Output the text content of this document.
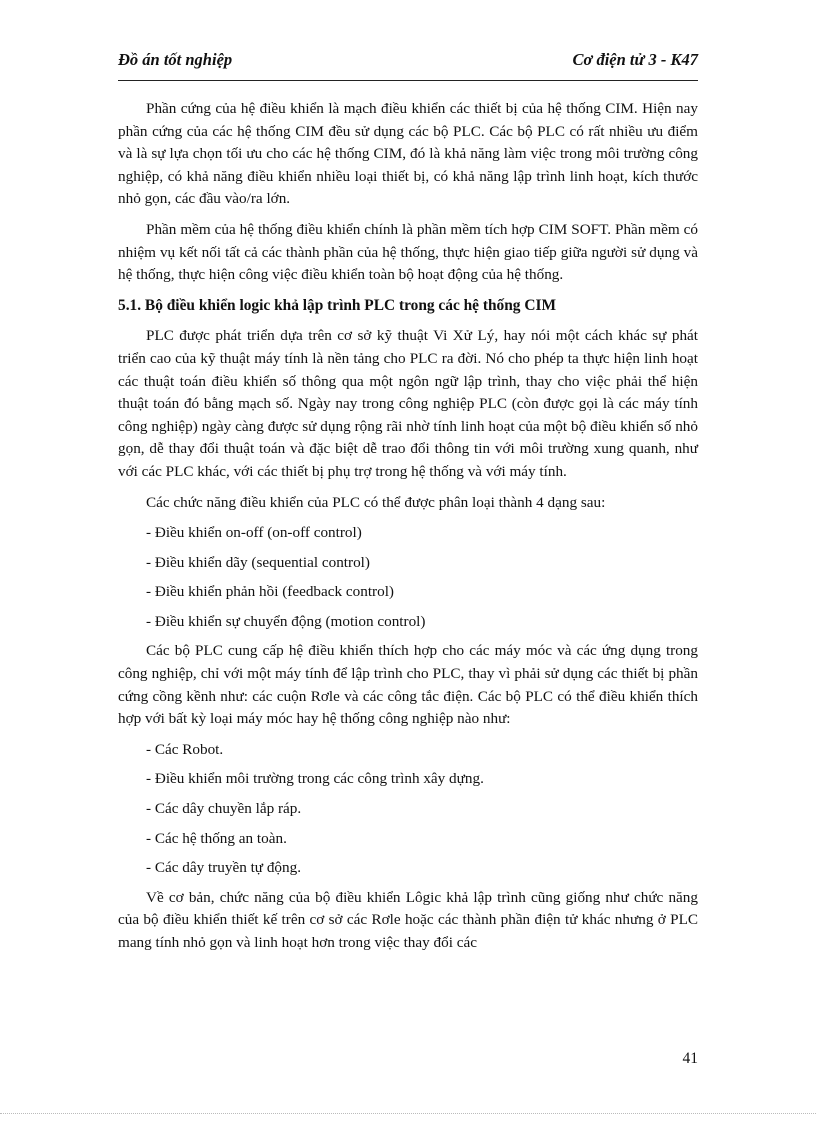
Đồ án tốt nghiệp	Cơ điện tử 3 - K47

Phần cứng của hệ điều khiển là mạch điều khiển các thiết bị của hệ thống CIM. Hiện nay phần cứng của các hệ thống CIM đều sử dụng các bộ PLC. Các bộ PLC có rất nhiều ưu điểm và là sự lựa chọn tối ưu cho các hệ thống CIM, đó là khả năng làm việc trong môi trường công nghiệp, có khả năng điều khiển nhiều loại thiết bị, có khả năng lập trình linh hoạt, kích thước nhỏ gọn, các đầu vào/ra lớn.

Phần mềm của hệ thống điều khiển chính là phần mềm tích hợp CIM SOFT. Phần mềm có nhiệm vụ kết nối tất cả các thành phần của hệ thống, thực hiện giao tiếp giữa người sử dụng và hệ thống, thực hiện công việc điều khiển toàn bộ hoạt động của hệ thống.

5.1. Bộ điều khiển logic khả lập trình PLC trong các hệ thống CIM

PLC được phát triển dựa trên cơ sở kỹ thuật Vi Xử Lý, hay nói một cách khác sự phát triển cao của kỹ thuật máy tính là nền tảng cho PLC ra đời. Nó cho phép ta thực hiện linh hoạt các thuật toán điều khiển số thông qua một ngôn ngữ lập trình, thay cho việc phải thể hiện thuật toán đó bằng mạch số. Ngày nay trong công nghiệp PLC (còn được gọi là các máy tính công nghiệp) ngày càng được sử dụng rộng rãi nhờ tính linh hoạt của một bộ điều khiển số nhỏ gọn, dễ thay đổi thuật toán và đặc biệt dễ trao đổi thông tin với môi trường xung quanh, như với các PLC khác, với các thiết bị phụ trợ trong hệ thống và với máy tính.

Các chức năng điều khiển của PLC có thể được phân loại thành 4 dạng sau:

- Điều khiển on-off (on-off control)

- Điều khiển dãy (sequential control)

- Điều khiển phản hồi (feedback control)

- Điều khiển sự chuyển động (motion control)

Các bộ PLC cung cấp hệ điều khiển thích hợp cho các máy móc và các ứng dụng trong công nghiệp, chỉ với một máy tính để lập trình cho PLC, thay vì phải sử dụng các thiết bị phần cứng cồng kềnh như: các cuộn Rơle và các công tắc điện. Các bộ PLC có thể điều khiển thích hợp với bất kỳ loại máy móc hay hệ thống công nghiệp nào như:

- Các Robot.

- Điều khiển môi trường trong các công trình xây dựng.

- Các dây chuyền lắp ráp.

- Các hệ thống an toàn.

- Các dây truyền tự động.

Về cơ bản, chức năng của bộ điều khiển Lôgic khả lập trình cũng giống như chức năng của bộ điều khiển thiết kế trên cơ sở các Rơle hoặc các thành phần điện tử khác nhưng ở PLC mang tính nhỏ gọn và linh hoạt hơn trong việc thay đổi các

41
